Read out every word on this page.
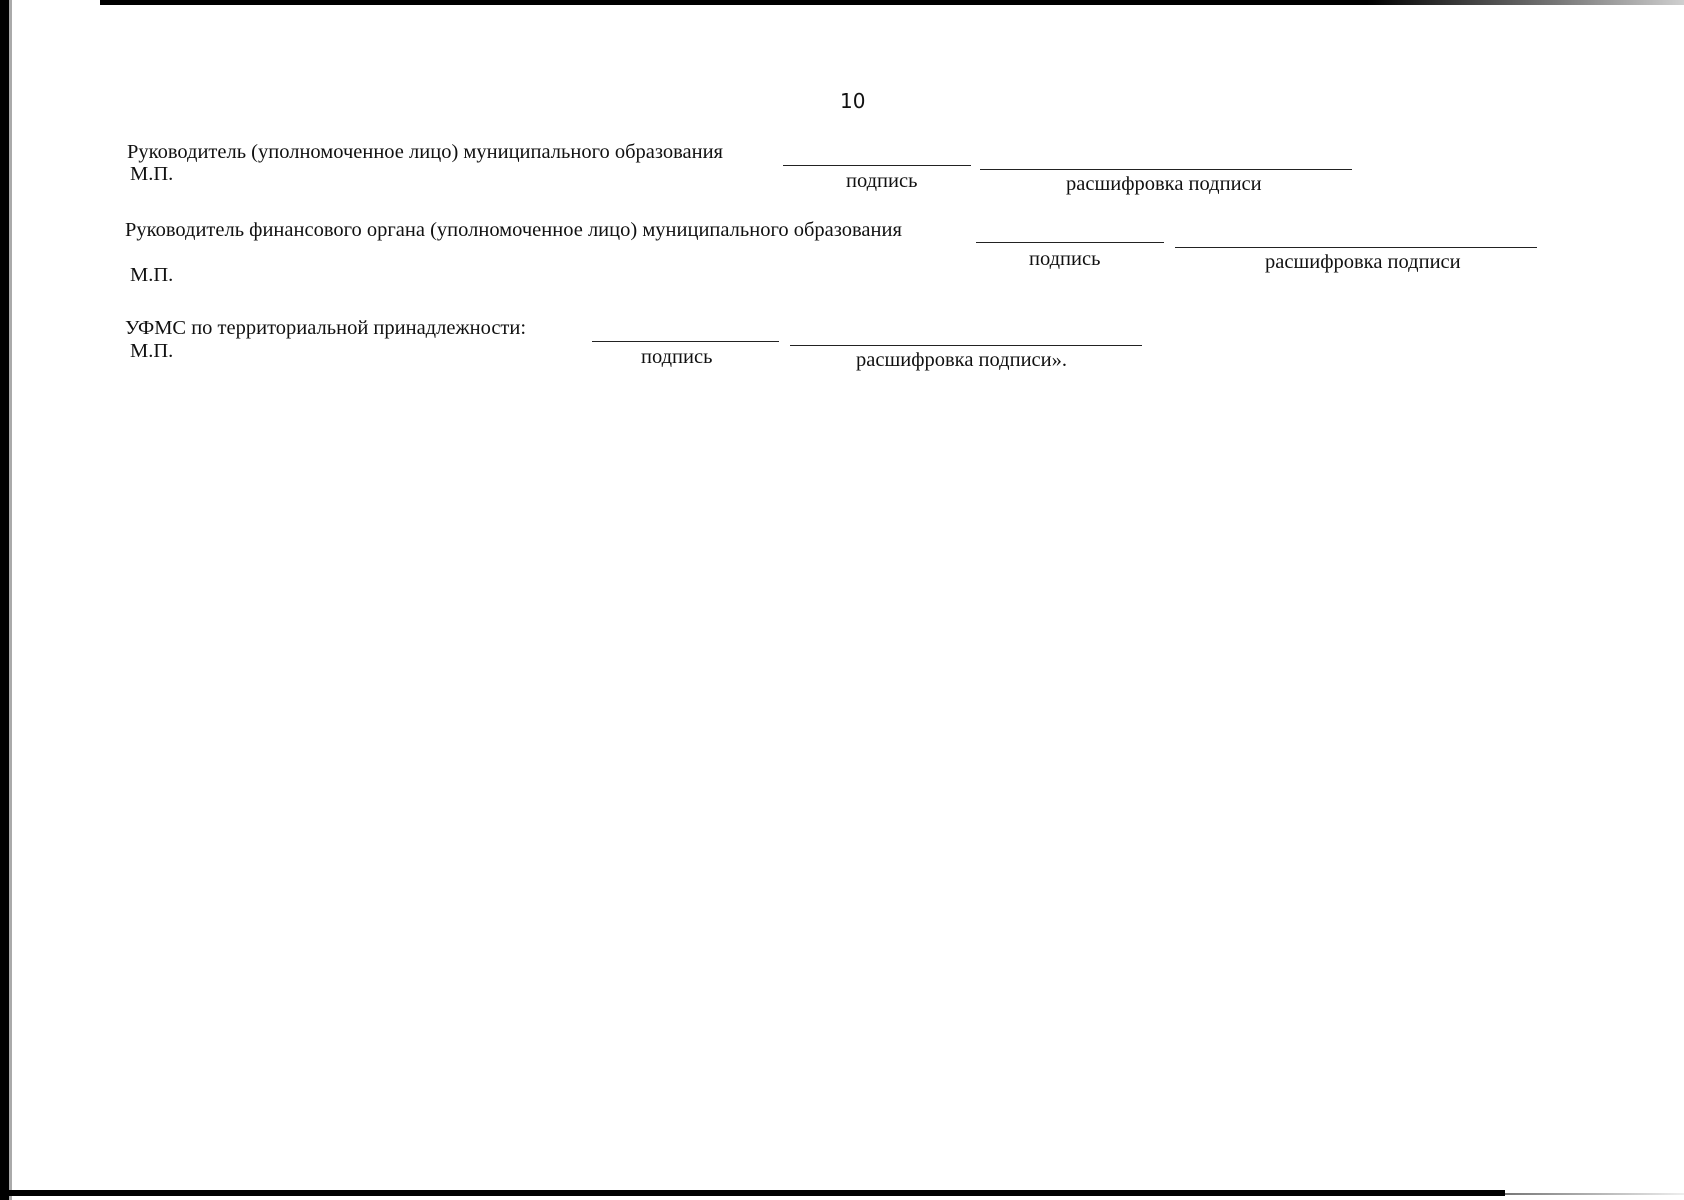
10
Руководитель (уполномоченное лицо) муниципального образования
М.П.	подпись	расшифровка подписи
Руководитель финансового органа (уполномоченное лицо) муниципального образования
подпись	расшифровка подписи
М.П.
УФМС по территориальной принадлежности:
М.П.	подпись	расшифровка подписи».
